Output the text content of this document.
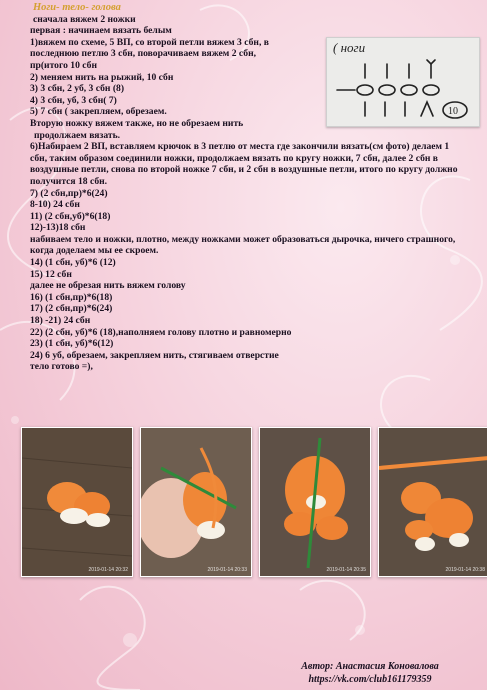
Ноги- тело- голова
сначала вяжем 2 ножки
первая : начинаем вязать белым
1)вяжем по схеме, 5 ВП, со второй петли вяжем 3 сбн, в
последнюю петлю 3 сбн, поворачиваем вяжем 2 сбн,
пр(итого 10 сбн
2) меняем нить на рыжий, 10 сбн
3) 3 сбн, 2 уб, 3 сбн (8)
4) 3 сбн, уб, 3 сбн( 7)
5) 7 сбн ( закрепляем, обрезаем.
Вторую ножку вяжем также, но не обрезаем нить
продолжаем вязать.
6)Набираем 2 ВП, вставляем крючок в 3 петлю от места где закончили вязать(см фото) делаем 1 сбн, таким образом соединили ножки, продолжаем вязать по кругу ножки, 7 сбн, далее 2 сбн в воздушные петли, снова по второй ножке 7 сбн, и 2 сбн в воздушные петли, итого по кругу должно получится 18 сбн.
7) (2 сбн,пр)*6(24)
8-10) 24 сбн
11) (2 сбн,уб)*6(18)
12)-13)18 сбн
набиваем тело и ножки, плотно, между ножками может образоваться дырочка, ничего страшного, когда доделаем мы ее скроем.
14) (1 сбн, уб)*6 (12)
15) 12 сбн
далее не обрезая нить вяжем голову
16) (1 сбн,пр)*6(18)
17) (2 сбн,пр)*6(24)
18) -21) 24 сбн
22) (2 сбн, уб)*6 (18),наполняем голову плотно и равномерно
23) (1 сбн, уб)*6(12)
24) 6 уб, обрезаем, закрепляем нить, стягиваем отверстие
тело готово =),
( ноги
10
2019-01-14 20:32	2019-01-14 20:33	2019-01-14 20:35	2019-01-14 20:38
Автор: Анастасия Коновалова
https://vk.com/club161179359
